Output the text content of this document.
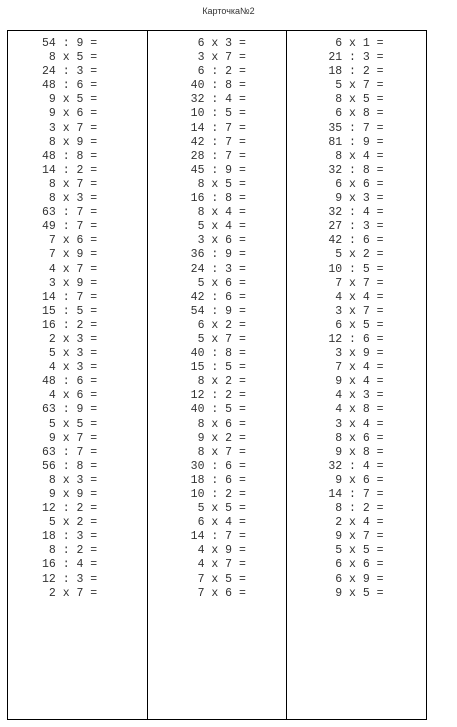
Карточка№2
54 : 9 =
8 x 5 =
24 : 3 =
48 : 6 =
9 x 5 =
9 x 6 =
3 x 7 =
8 x 9 =
48 : 8 =
14 : 2 =
8 x 7 =
8 x 3 =
63 : 7 =
49 : 7 =
7 x 6 =
7 x 9 =
4 x 7 =
3 x 9 =
14 : 7 =
15 : 5 =
16 : 2 =
2 x 3 =
5 x 3 =
4 x 3 =
48 : 6 =
4 x 6 =
63 : 9 =
5 x 5 =
9 x 7 =
63 : 7 =
56 : 8 =
8 x 3 =
9 x 9 =
12 : 2 =
5 x 2 =
18 : 3 =
8 : 2 =
16 : 4 =
12 : 3 =
2 x 7 =
6 x 3 =
3 x 7 =
6 : 2 =
40 : 8 =
32 : 4 =
10 : 5 =
14 : 7 =
42 : 7 =
28 : 7 =
45 : 9 =
8 x 5 =
16 : 8 =
8 x 4 =
5 x 4 =
3 x 6 =
36 : 9 =
24 : 3 =
5 x 6 =
42 : 6 =
54 : 9 =
6 x 2 =
5 x 7 =
40 : 8 =
15 : 5 =
8 x 2 =
12 : 2 =
40 : 5 =
8 x 6 =
9 x 2 =
8 x 7 =
30 : 6 =
18 : 6 =
10 : 2 =
5 x 5 =
6 x 4 =
14 : 7 =
4 x 9 =
4 x 7 =
7 x 5 =
7 x 6 =
6 x 1 =
21 : 3 =
18 : 2 =
5 x 7 =
8 x 5 =
6 x 8 =
35 : 7 =
81 : 9 =
8 x 4 =
32 : 8 =
6 x 6 =
9 x 3 =
32 : 4 =
27 : 3 =
42 : 6 =
5 x 2 =
10 : 5 =
7 x 7 =
4 x 4 =
3 x 7 =
6 x 5 =
12 : 6 =
3 x 9 =
7 x 4 =
9 x 4 =
4 x 3 =
4 x 8 =
3 x 4 =
8 x 6 =
9 x 8 =
32 : 4 =
9 x 6 =
14 : 7 =
8 : 2 =
2 x 4 =
9 x 7 =
5 x 5 =
6 x 6 =
6 x 9 =
9 x 5 =
